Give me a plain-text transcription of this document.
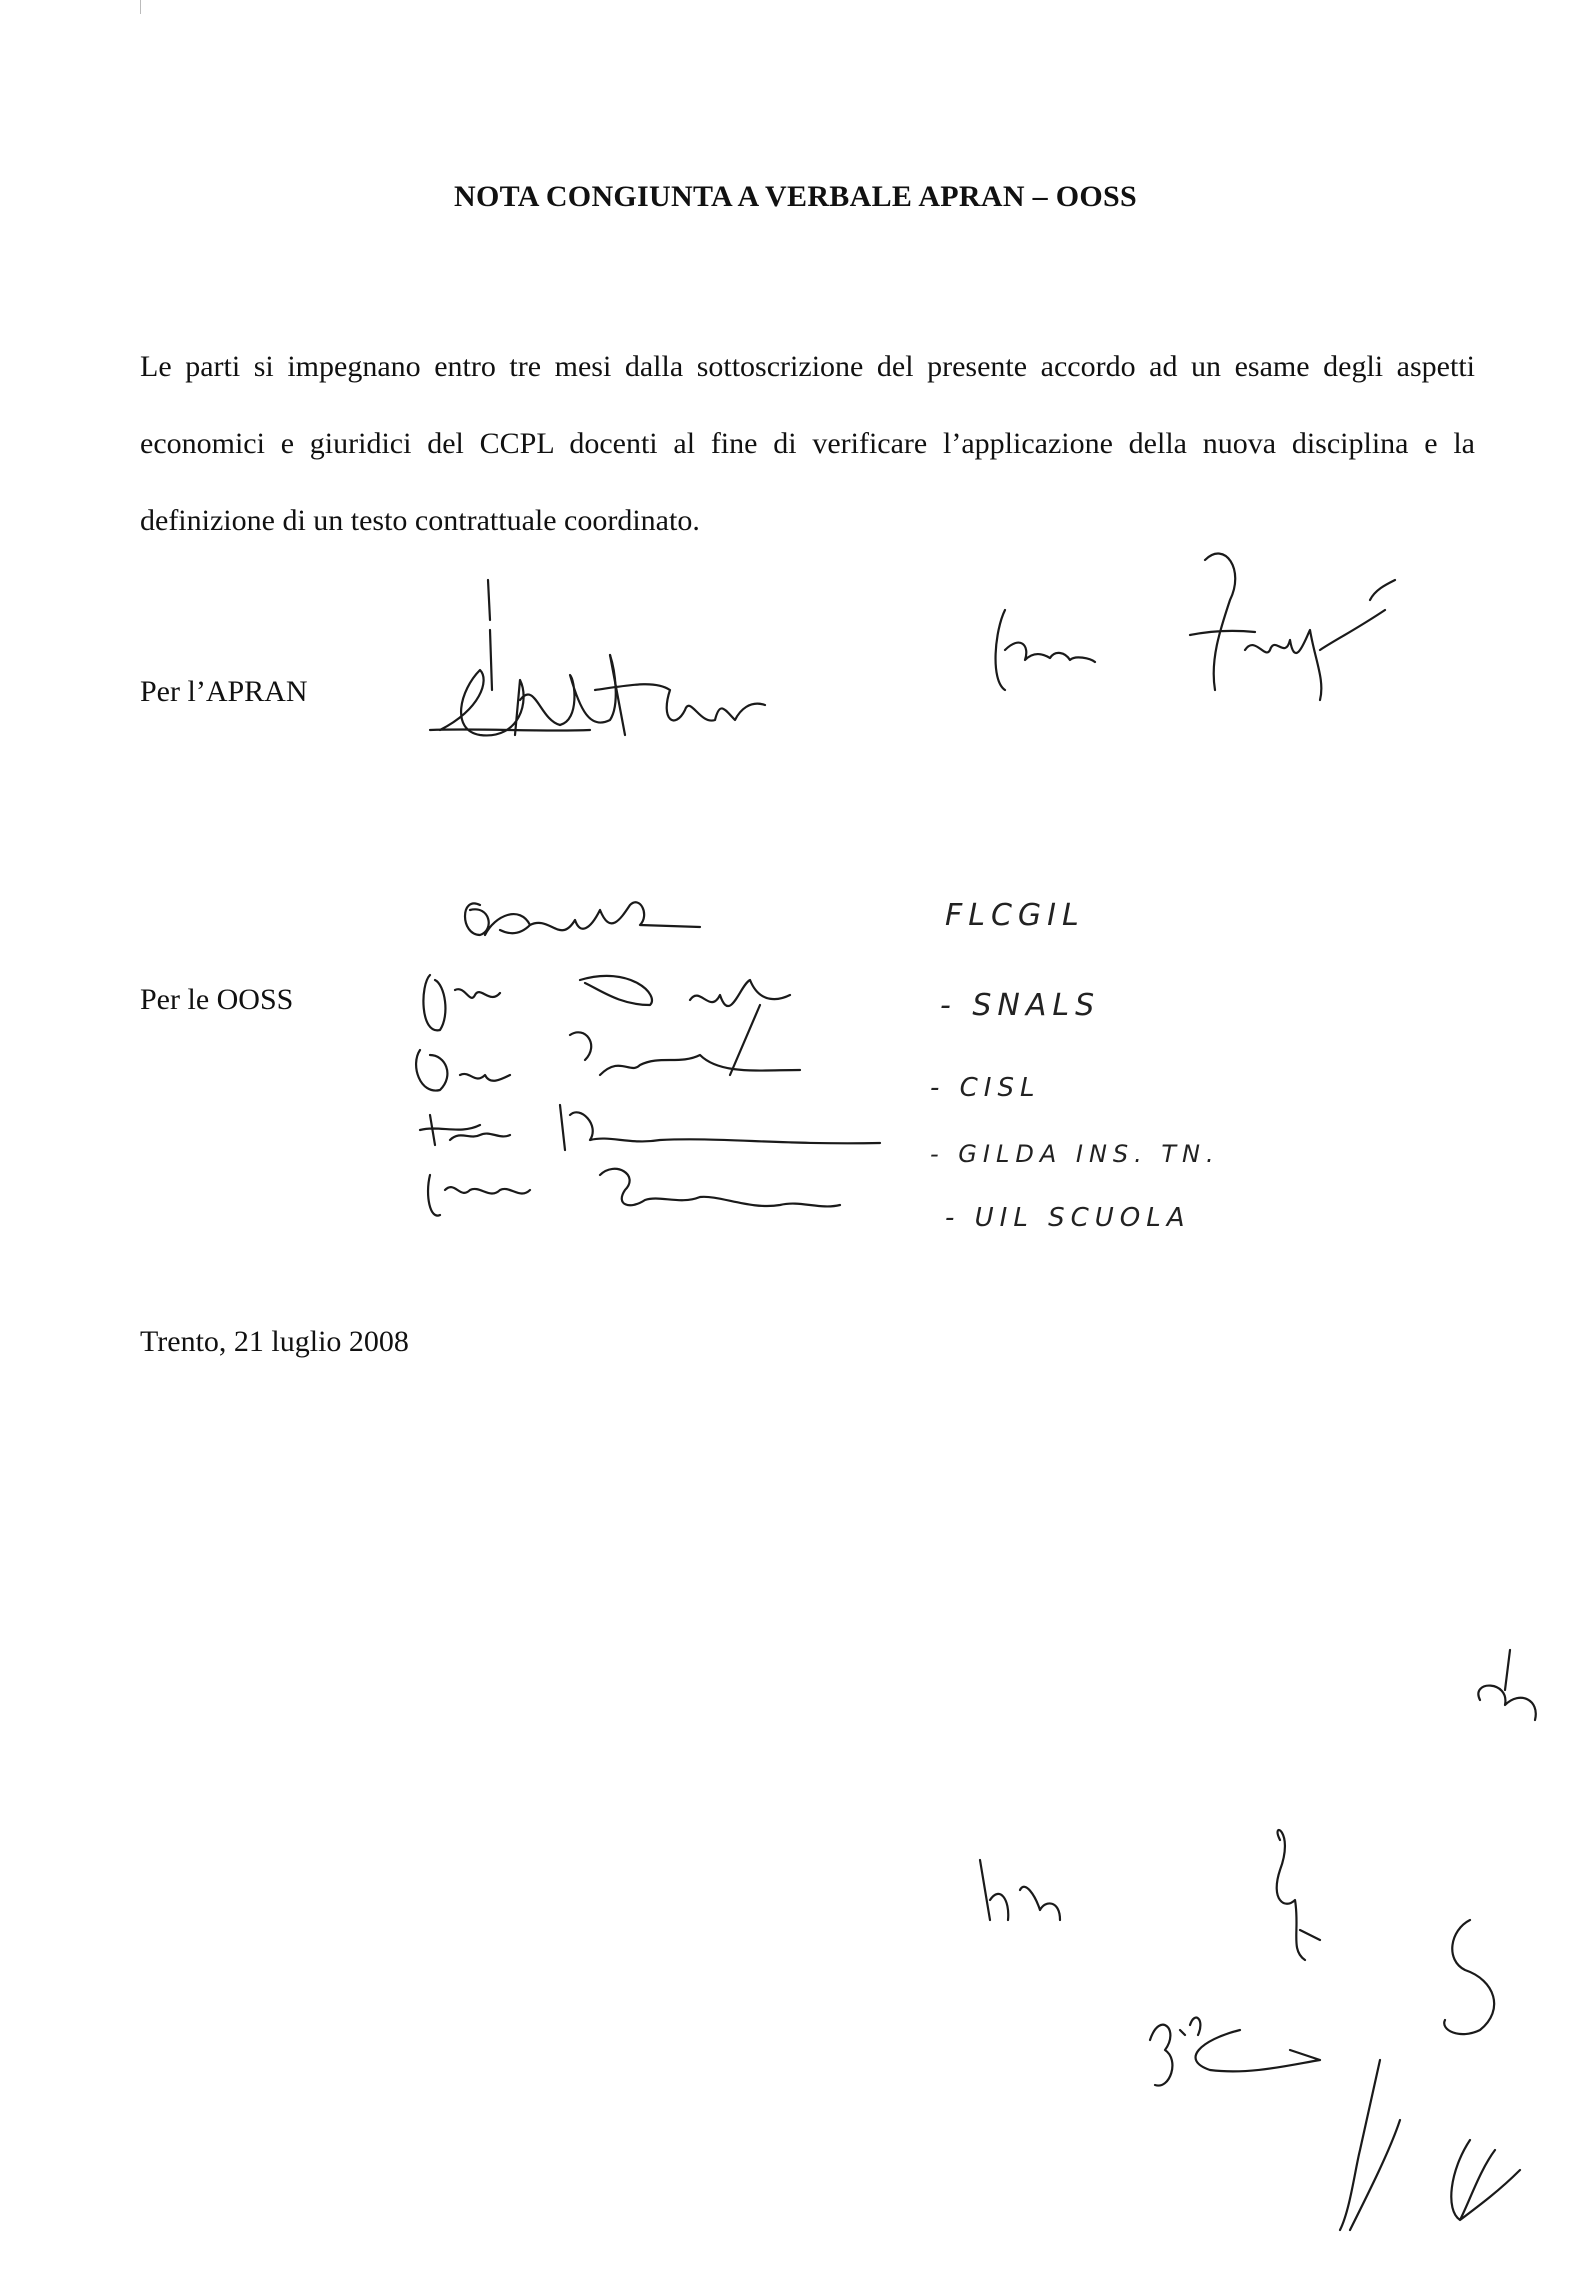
NOTA CONGIUNTA A VERBALE APRAN – OOSS
Le parti si impegnano entro tre mesi dalla sottoscrizione del presente accordo ad un esame degli aspetti economici e giuridici del CCPL docenti al fine di verificare l’applicazione della nuova disciplina e la definizione di un testo contrattuale coordinato.
Per l’APRAN
Per le OOSS
FLCGIL
- SNALS
- CISL
- GILDA INS. TN.
- UIL SCUOLA
Trento, 21 luglio 2008
